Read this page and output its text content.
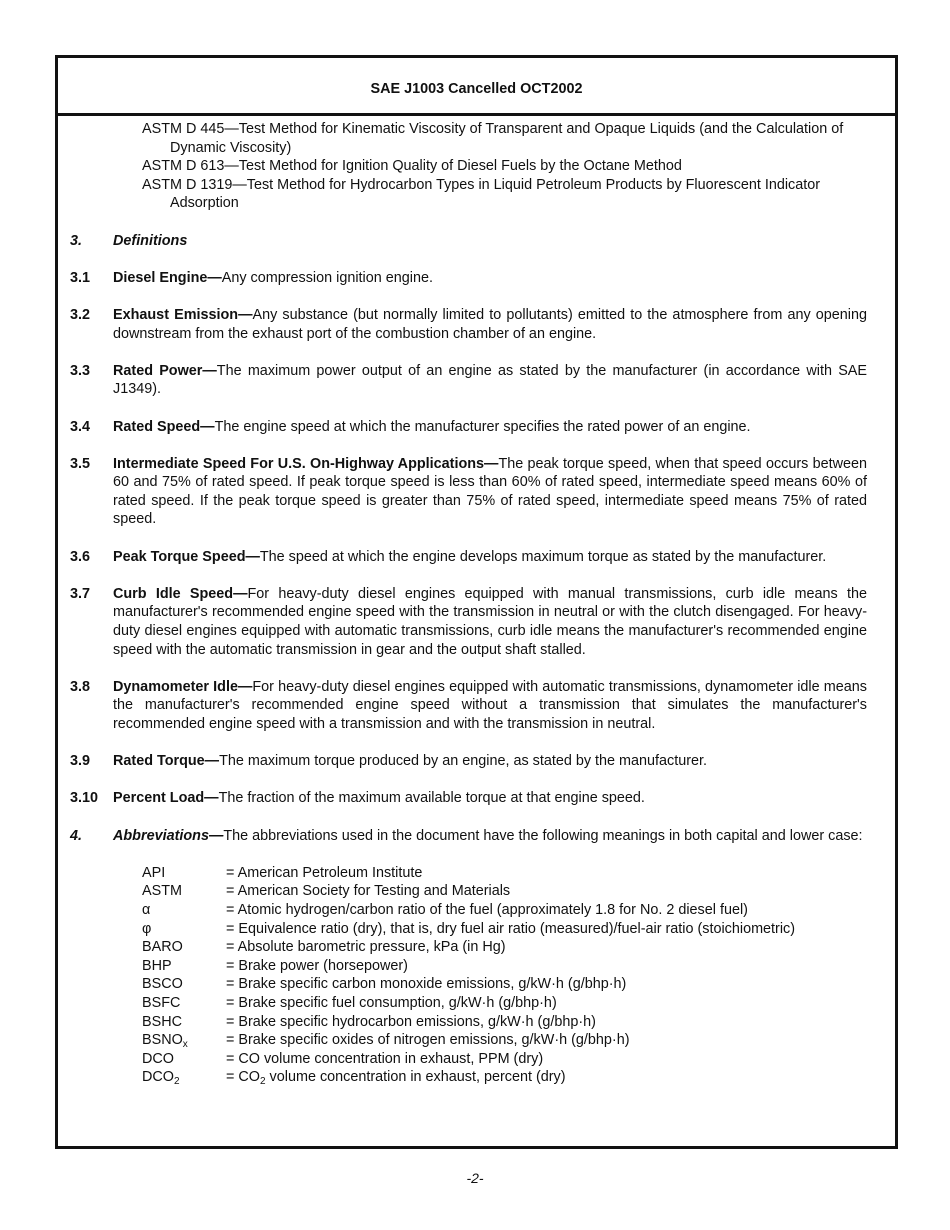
SAE J1003 Cancelled OCT2002
ASTM D 445—Test Method for Kinematic Viscosity of Transparent and Opaque Liquids (and the Calculation of Dynamic Viscosity)
ASTM D 613—Test Method for Ignition Quality of Diesel Fuels by the Octane Method
ASTM D 1319—Test Method for Hydrocarbon Types in Liquid Petroleum Products by Fluorescent Indicator Adsorption
3.	Definitions
3.1	Diesel Engine—Any compression ignition engine.
3.2	Exhaust Emission—Any substance (but normally limited to pollutants) emitted to the atmosphere from any opening downstream from the exhaust port of the combustion chamber of an engine.
3.3	Rated Power—The maximum power output of an engine as stated by the manufacturer (in accordance with SAE J1349).
3.4	Rated Speed—The engine speed at which the manufacturer specifies the rated power of an engine.
3.5	Intermediate Speed For U.S. On-Highway Applications—The peak torque speed, when that speed occurs between 60 and 75% of rated speed. If peak torque speed is less than 60% of rated speed, intermediate speed means 60% of rated speed. If the peak torque speed is greater than 75% of rated speed, intermediate speed means 75% of rated speed.
3.6	Peak Torque Speed—The speed at which the engine develops maximum torque as stated by the manufacturer.
3.7	Curb Idle Speed—For heavy-duty diesel engines equipped with manual transmissions, curb idle means the manufacturer's recommended engine speed with the transmission in neutral or with the clutch disengaged. For heavy-duty diesel engines equipped with automatic transmissions, curb idle means the manufacturer's recommended engine speed with the automatic transmission in gear and the output shaft stalled.
3.8	Dynamometer Idle—For heavy-duty diesel engines equipped with automatic transmissions, dynamometer idle means the manufacturer's recommended engine speed without a transmission that simulates the manufacturer's recommended engine speed with a transmission and with the transmission in neutral.
3.9	Rated Torque—The maximum torque produced by an engine, as stated by the manufacturer.
3.10	Percent Load—The fraction of the maximum available torque at that engine speed.
4.	Abbreviations—The abbreviations used in the document have the following meanings in both capital and lower case:
API	= American Petroleum Institute
ASTM	= American Society for Testing and Materials
α	= Atomic hydrogen/carbon ratio of the fuel (approximately 1.8 for No. 2 diesel fuel)
φ	= Equivalence ratio (dry), that is, dry fuel air ratio (measured)/fuel-air ratio (stoichiometric)
BARO	= Absolute barometric pressure, kPa (in Hg)
BHP	= Brake power (horsepower)
BSCO	= Brake specific carbon monoxide emissions, g/kW·h (g/bhp·h)
BSFC	= Brake specific fuel consumption, g/kW·h (g/bhp·h)
BSHC	= Brake specific hydrocarbon emissions, g/kW·h (g/bhp·h)
$BSNO_x$	= Brake specific oxides of nitrogen emissions, g/kW·h (g/bhp·h)
DCO	= CO volume concentration in exhaust, PPM (dry)
$DCO_2$	= $CO_2$ volume concentration in exhaust, percent (dry)
-2-
